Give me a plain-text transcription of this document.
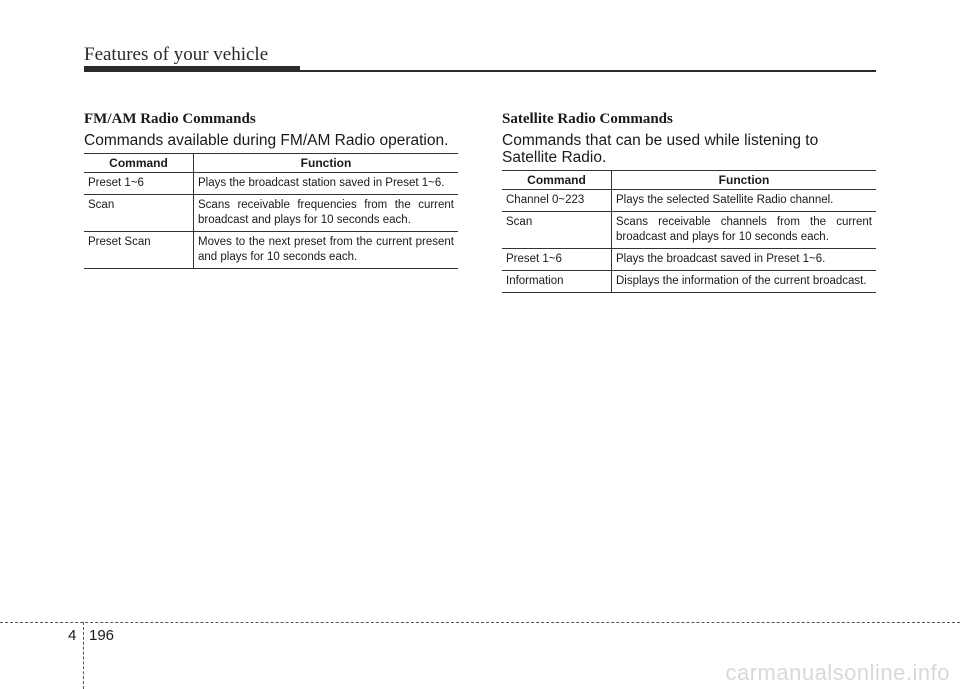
Features of your vehicle
FM/AM Radio Commands

Commands available during FM/AM Radio operation.

Command	Function
Preset 1~6	Plays the broadcast station saved in Preset 1~6.
Scan	Scans receivable frequencies from the current broadcast and plays for 10 seconds each.
Preset Scan	Moves to the next preset from the current present and plays for 10 seconds each.
Satellite Radio Commands

Commands that can be used while listening to Satellite Radio.

Command	Function
Channel 0~223	Plays the selected Satellite Radio channel.
Scan	Scans receivable channels from the current broadcast and plays for 10 seconds each.
Preset 1~6	Plays the broadcast saved in Preset 1~6.
Information	Displays the information of the current broadcast.
4 196
carmanualsonline.info
